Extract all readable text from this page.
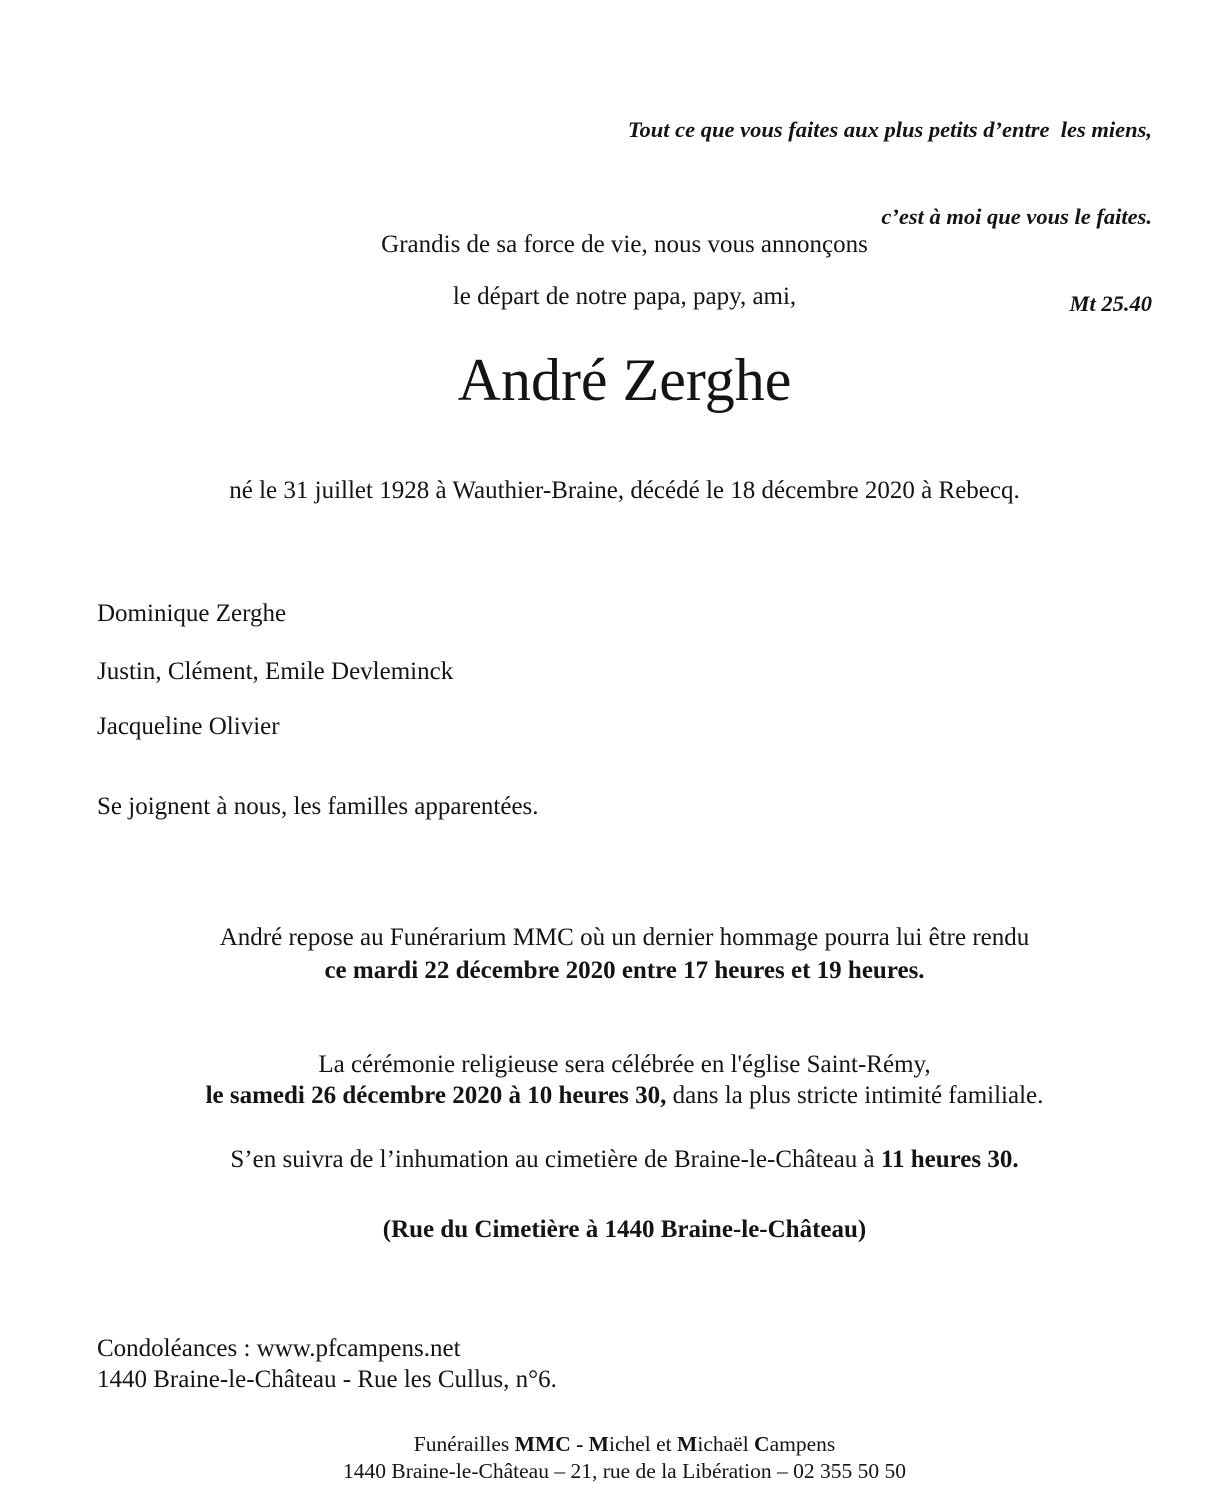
Tout ce que vous faites aux plus petits d’entre  les miens,

c’est à moi que vous le faites.

Mt 25.40

Grandis de sa force de vie, nous vous annonçons
le départ de notre papa, papy, ami,
André Zerghe
né le 31 juillet 1928 à Wauthier-Braine, décédé le 18 décembre 2020 à Rebecq.
Dominique Zerghe
Justin, Clément, Emile Devleminck
Jacqueline Olivier
Se joignent à nous, les familles apparentées.
André repose au Funérarium MMC où un dernier hommage pourra lui être rendu
ce mardi 22 décembre 2020 entre 17 heures et 19 heures.
La cérémonie religieuse sera célébrée en l'église Saint-Rémy,
le samedi 26 décembre 2020 à 10 heures 30, dans la plus stricte intimité familiale.
S’en suivra de l’inhumation au cimetière de Braine-le-Château à 11 heures 30.
(Rue du Cimetière à 1440 Braine-le-Château)
Condoléances : www.pfcampens.net
1440 Braine-le-Château - Rue les Cullus, n°6.
Funérailles MMC - Michel et Michaël Campens
1440 Braine-le-Château – 21, rue de la Libération – 02 355 50 50
